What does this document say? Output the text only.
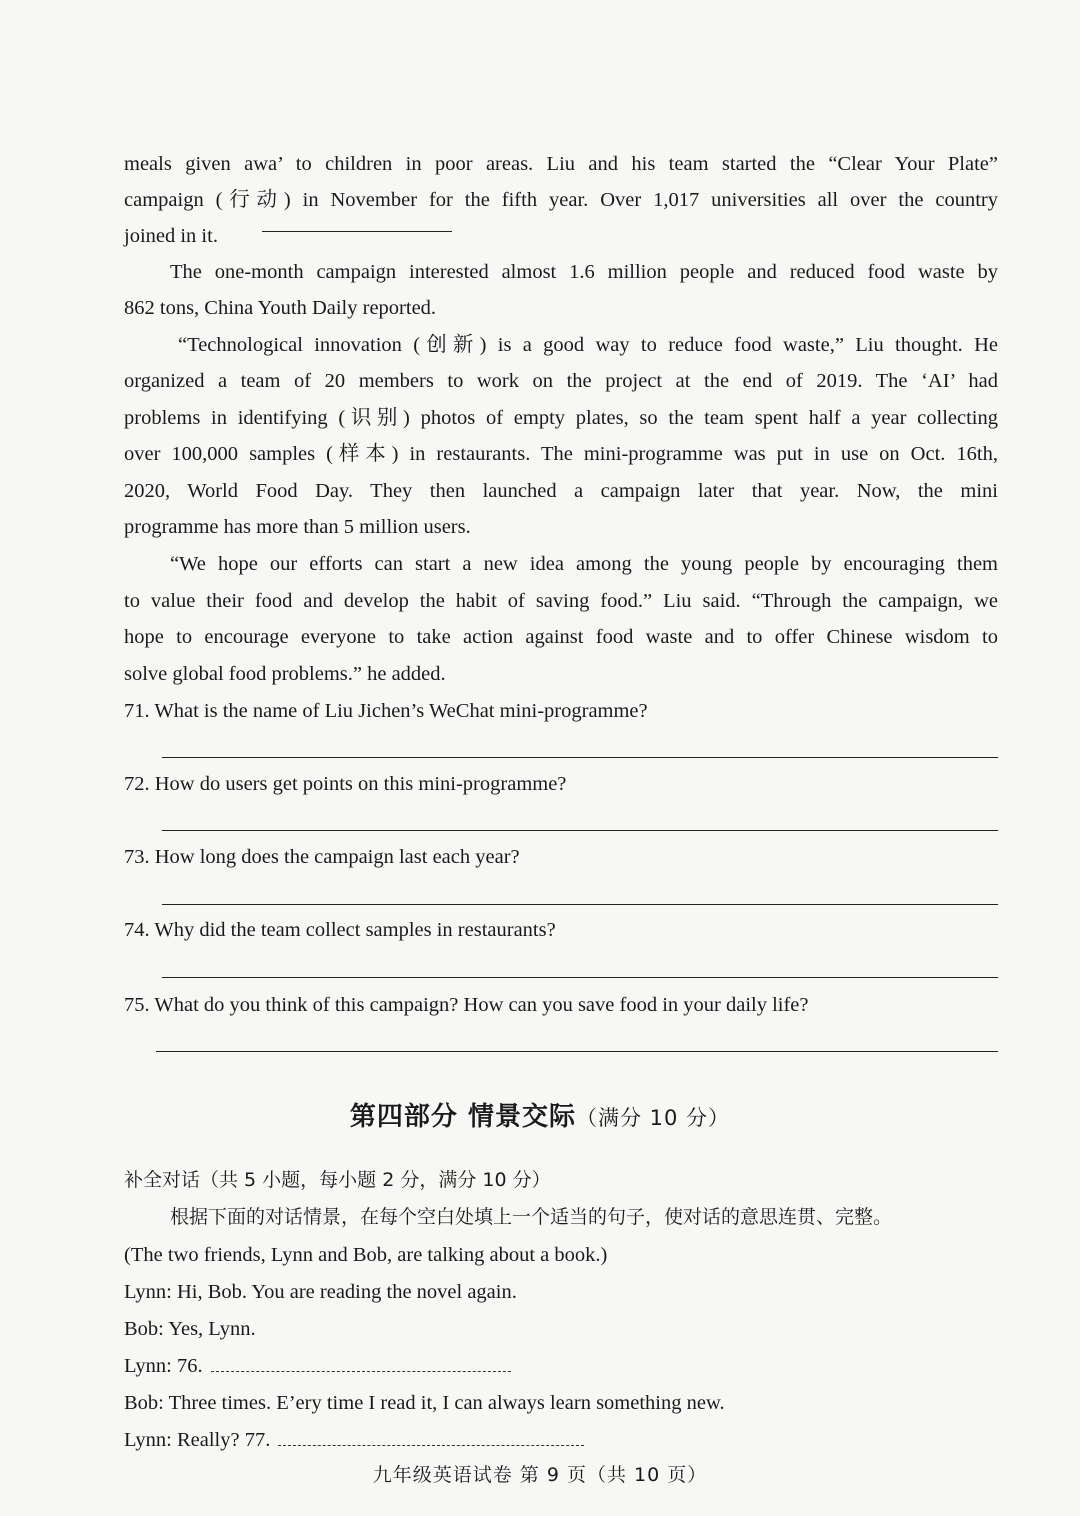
meals given awa’ to children in poor areas. Liu and his team started the “Clear Your Plate”
campaign (行动) in November for the fifth year. Over 1,017 universities all over the country
joined in it.
The one-month campaign interested almost 1.6 million people and reduced food waste by
862 tons, China Youth Daily reported.
“Technological innovation (创新) is a good way to reduce food waste,” Liu thought. He
organized a team of 20 members to work on the project at the end of 2019. The ‘AI’ had
problems in identifying (识别) photos of empty plates, so the team spent half a year collecting
over 100,000 samples (样本) in restaurants. The mini-programme was put in use on Oct. 16th,
2020, World Food Day. They then launched a campaign later that year. Now, the mini
programme has more than 5 million users.
“We hope our efforts can start a new idea among the young people by encouraging them
to value their food and develop the habit of saving food.” Liu said. “Through the campaign, we
hope to encourage everyone to take action against food waste and to offer Chinese wisdom to
solve global food problems.” he added.
71. What is the name of Liu Jichen’s WeChat mini-programme?
72. How do users get points on this mini-programme?
73. How long does the campaign last each year?
74. Why did the team collect samples in restaurants?
75. What do you think of this campaign? How can you save food in your daily life?
第四部分 情景交际（满分 10 分）
补全对话（共 5 小题，每小题 2 分，满分 10 分）
根据下面的对话情景，在每个空白处填上一个适当的句子，使对话的意思连贯、完整。
(The two friends, Lynn and Bob, are talking about a book.)
Lynn: Hi, Bob. You are reading the novel again.
Bob: Yes, Lynn.
Lynn: 76.
Bob: Three times. E’ery time I read it, I can always learn something new.
Lynn: Really? 77.
九年级英语试卷 第 9 页（共 10 页）
